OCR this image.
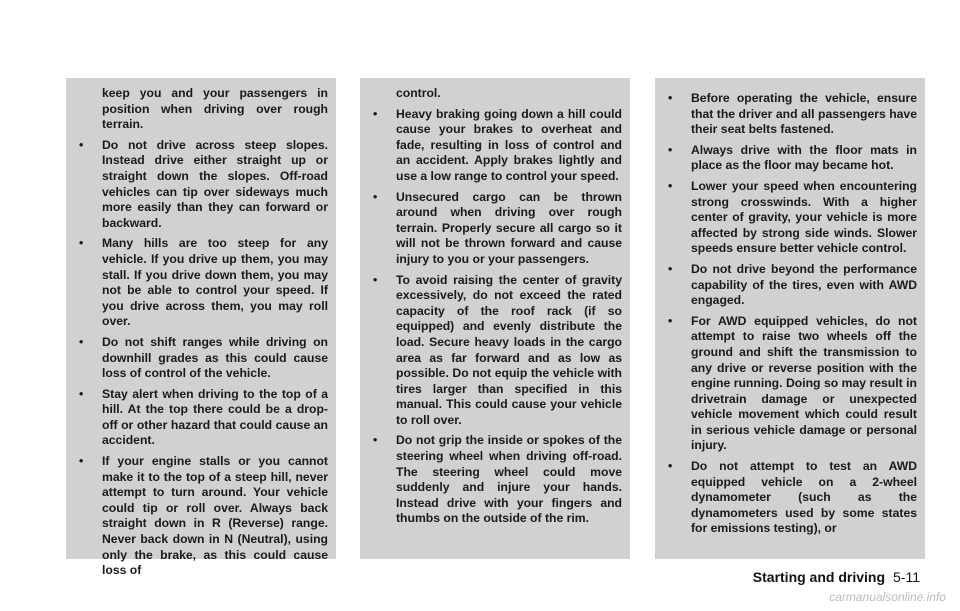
keep you and your passengers in position when driving over rough terrain.

•	Do not drive across steep slopes. Instead drive either straight up or straight down the slopes. Off-road vehicles can tip over sideways much more easily than they can forward or backward.
•	Many hills are too steep for any vehicle. If you drive up them, you may stall. If you drive down them, you may not be able to control your speed. If you drive across them, you may roll over.
•	Do not shift ranges while driving on downhill grades as this could cause loss of control of the vehicle.
•	Stay alert when driving to the top of a hill. At the top there could be a drop-off or other hazard that could cause an accident.
•	If your engine stalls or you cannot make it to the top of a steep hill, never attempt to turn around. Your vehicle could tip or roll over. Always back straight down in R (Reverse) range. Never back down in N (Neutral), using only the brake, as this could cause loss of

control.

•	Heavy braking going down a hill could cause your brakes to overheat and fade, resulting in loss of control and an accident. Apply brakes lightly and use a low range to control your speed.
•	Unsecured cargo can be thrown around when driving over rough terrain. Properly secure all cargo so it will not be thrown forward and cause injury to you or your passengers.
•	To avoid raising the center of gravity excessively, do not exceed the rated capacity of the roof rack (if so equipped) and evenly distribute the load. Secure heavy loads in the cargo area as far forward and as low as possible. Do not equip the vehicle with tires larger than specified in this manual. This could cause your vehicle to roll over.
•	Do not grip the inside or spokes of the steering wheel when driving off-road. The steering wheel could move suddenly and injure your hands. Instead drive with your fingers and thumbs on the outside of the rim.
•	Before operating the vehicle, ensure that the driver and all passengers have their seat belts fastened.
•	Always drive with the floor mats in place as the floor may became hot.
•	Lower your speed when encountering strong crosswinds. With a higher center of gravity, your vehicle is more affected by strong side winds. Slower speeds ensure better vehicle control.
•	Do not drive beyond the performance capability of the tires, even with AWD engaged.
•	For AWD equipped vehicles, do not attempt to raise two wheels off the ground and shift the transmission to any drive or reverse position with the engine running. Doing so may result in drivetrain damage or unexpected vehicle movement which could result in serious vehicle damage or personal injury.
•	Do not attempt to test an AWD equipped vehicle on a 2-wheel dynamometer (such as the dynamometers used by some states for emissions testing), or
Starting and driving 5-11
carmanualsonline.info
